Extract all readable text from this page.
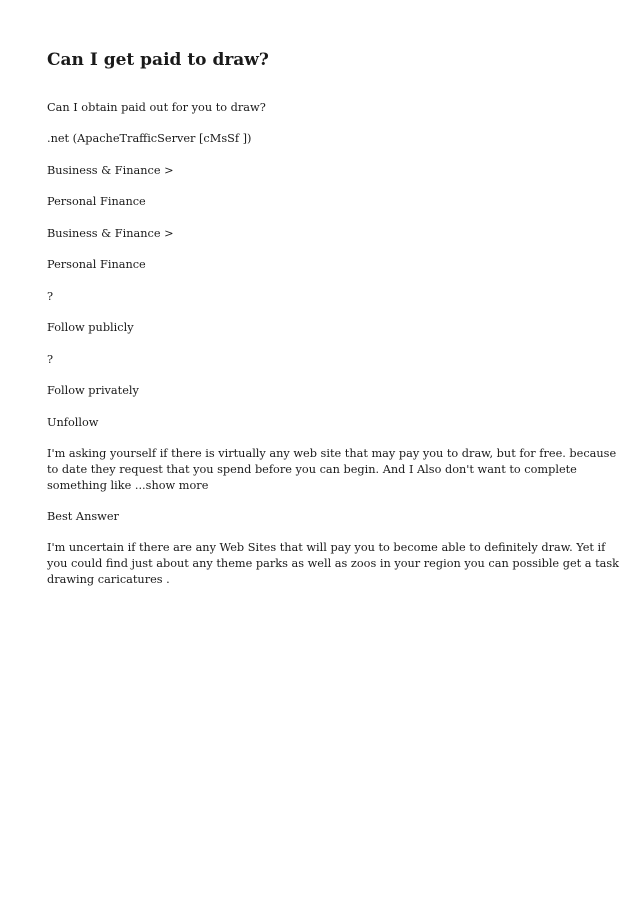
Can I get paid to draw?

Can I obtain paid out for you to draw?

.net (ApacheTrafficServer [cMsSf ])

Business & Finance >

Personal Finance

Business & Finance >

Personal Finance

?

Follow publicly

?

Follow privately

Unfollow

I'm asking yourself if there is virtually any web site that may pay you to draw, but for free. because
to date they request that you spend before you can begin. And I Also don't want to complete
something like ...show more

Best Answer

I'm uncertain if there are any Web Sites that will pay you to become able to definitely draw. Yet if
you could find just about any theme parks as well as zoos in your region you can possible get a task
drawing caricatures .
